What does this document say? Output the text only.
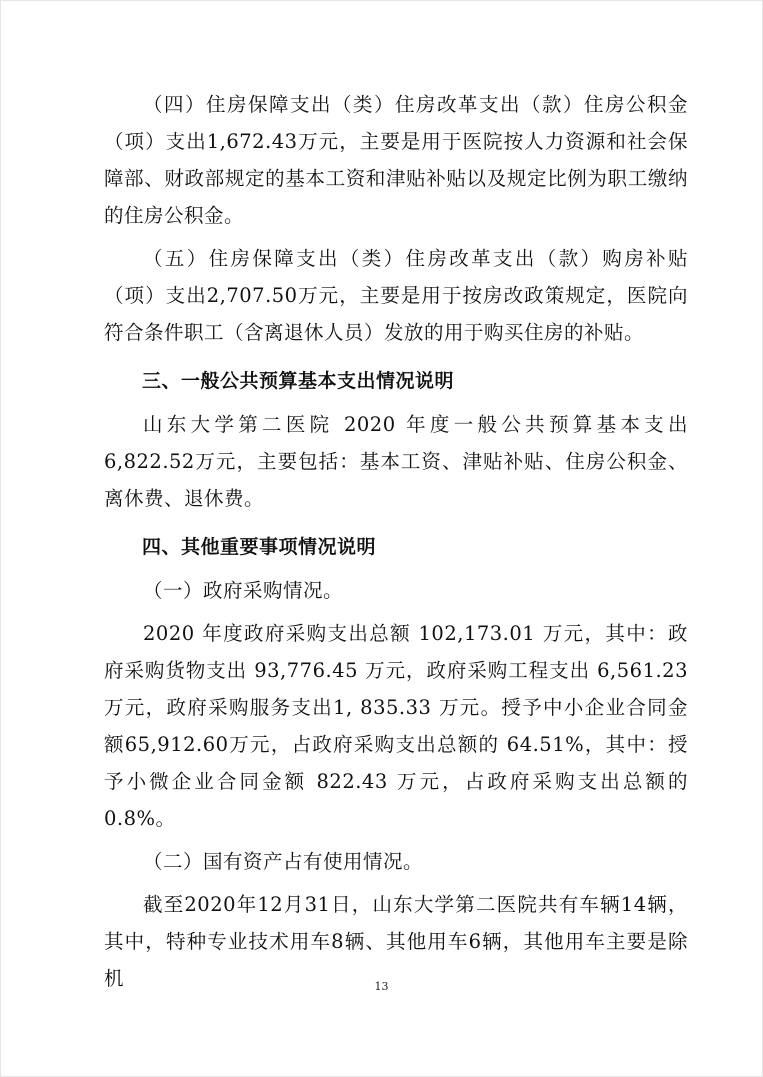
（四）住房保障支出（类）住房改革支出（款）住房公积金（项）支出1,672.43万元，主要是用于医院按人力资源和社会保障部、财政部规定的基本工资和津贴补贴以及规定比例为职工缴纳的住房公积金。

（五）住房保障支出（类）住房改革支出（款）购房补贴（项）支出2,707.50万元，主要是用于按房改政策规定，医院向符合条件职工（含离退休人员）发放的用于购买住房的补贴。

三、一般公共预算基本支出情况说明

山东大学第二医院 2020 年度一般公共预算基本支出6,822.52万元，主要包括：基本工资、津贴补贴、住房公积金、离休费、退休费。

四、其他重要事项情况说明

（一）政府采购情况。

2020 年度政府采购支出总额 102,173.01 万元，其中：政府采购货物支出 93,776.45 万元，政府采购工程支出 6,561.23 万元，政府采购服务支出1, 835.33 万元。授予中小企业合同金额65,912.60万元，占政府采购支出总额的 64.51%，其中：授予小微企业合同金额 822.43 万元，占政府采购支出总额的 0.8%。

（二）国有资产占有使用情况。

截至2020年12月31日，山东大学第二医院共有车辆14辆，其中，特种专业技术用车8辆、其他用车6辆，其他用车主要是除机	13
